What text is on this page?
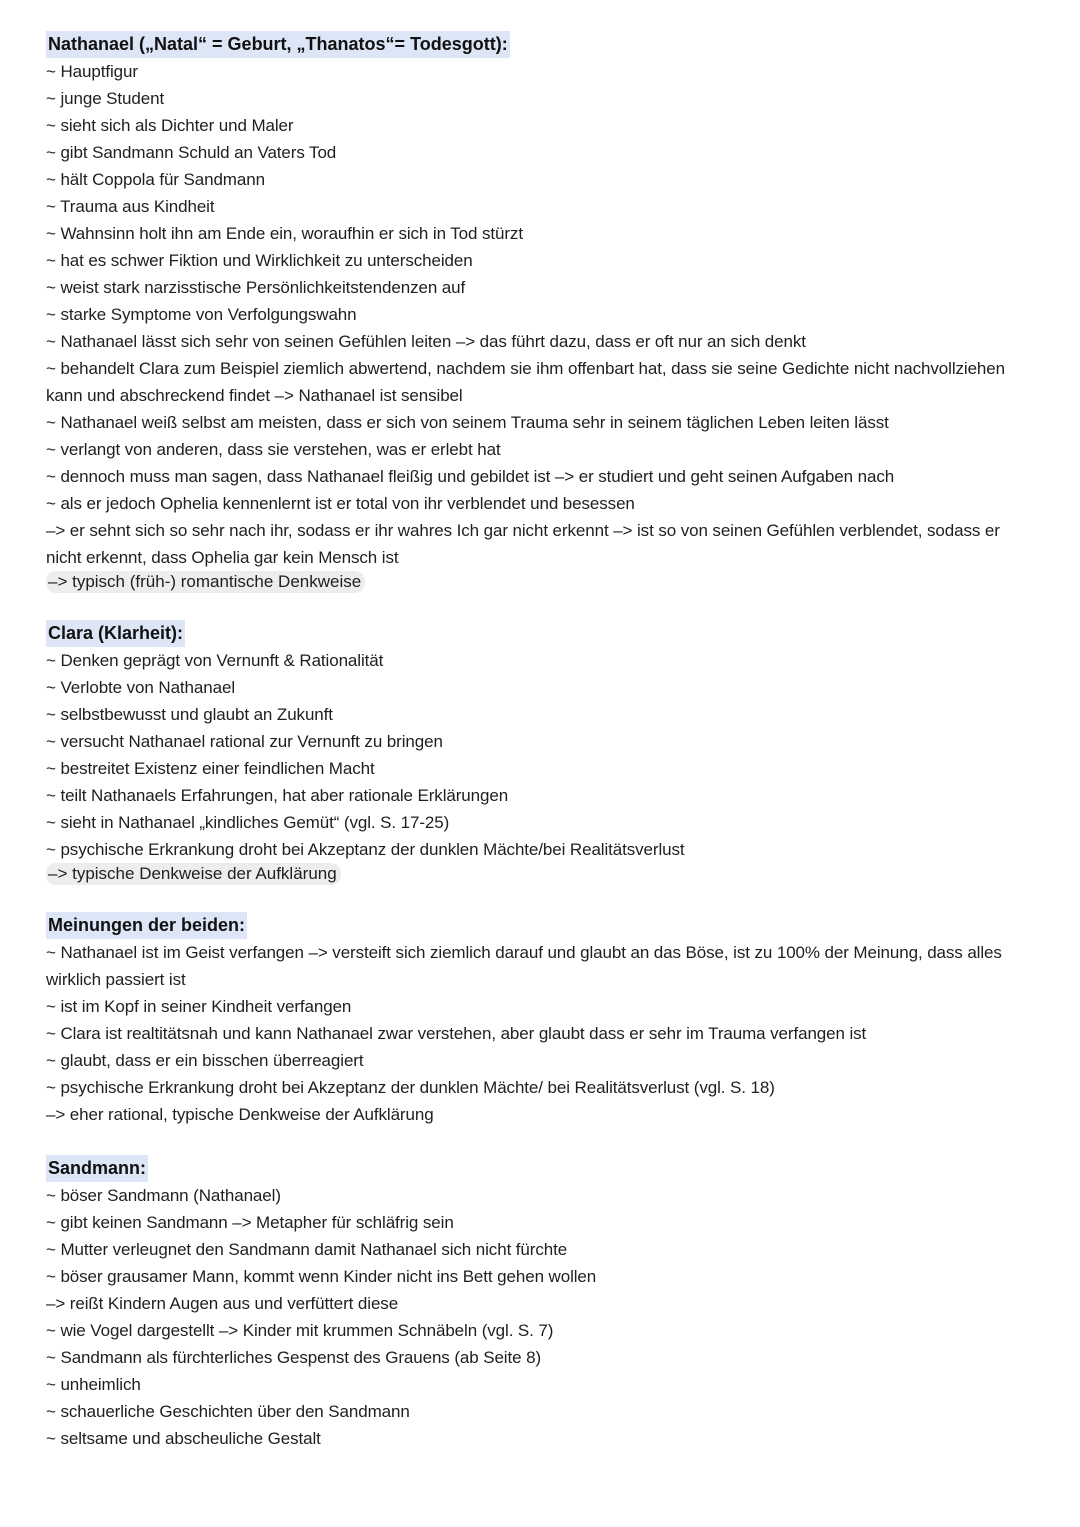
Nathanael („Natal“ = Geburt, „Thanatos“= Todesgott):

~ Hauptfigur

~ junge Student

~ sieht sich als Dichter und Maler

~ gibt Sandmann Schuld an Vaters Tod

~ hält Coppola für Sandmann

~ Trauma aus Kindheit

~ Wahnsinn holt ihn am Ende ein, woraufhin er sich in Tod stürzt

~ hat es schwer Fiktion und Wirklichkeit zu unterscheiden

~ weist stark narzisstische Persönlichkeitstendenzen auf

~ starke Symptome von Verfolgungswahn

~ Nathanael lässt sich sehr von seinen Gefühlen leiten –> das führt dazu, dass er oft nur an sich denkt

~ behandelt Clara zum Beispiel ziemlich abwertend, nachdem sie ihm offenbart hat, dass sie seine Gedichte nicht nachvollziehen kann und abschreckend findet –> Nathanael ist sensibel

~ Nathanael weiß selbst am meisten, dass er sich von seinem Trauma sehr in seinem täglichen Leben leiten lässt

~ verlangt von anderen, dass sie verstehen, was er erlebt hat

~ dennoch muss man sagen, dass Nathanael fleißig und gebildet ist –> er studiert und geht seinen Aufgaben nach

~ als er jedoch Ophelia kennenlernt ist er total von ihr verblendet und besessen

–> er sehnt sich so sehr nach ihr, sodass er ihr wahres Ich gar nicht erkennt –> ist so von seinen Gefühlen verblendet, sodass er nicht erkennt, dass Ophelia gar kein Mensch ist

–> typisch (früh-) romantische Denkweise
Clara (Klarheit):

~ Denken geprägt von Vernunft & Rationalität

~ Verlobte von Nathanael

~ selbstbewusst und glaubt an Zukunft

~ versucht Nathanael rational zur Vernunft zu bringen

~ bestreitet Existenz einer feindlichen Macht

~ teilt Nathanaels Erfahrungen, hat aber rationale Erklärungen

~ sieht in Nathanael „kindliches Gemüt“ (vgl. S. 17-25)

~ psychische Erkrankung droht bei Akzeptanz der dunklen Mächte/bei Realitätsverlust

–> typische Denkweise der Aufklärung
Meinungen der beiden:

~ Nathanael ist im Geist verfangen –> versteift sich ziemlich darauf und glaubt an das Böse, ist zu 100% der Meinung, dass alles wirklich passiert ist

~ ist im Kopf in seiner Kindheit verfangen

~ Clara ist realtitätsnah und kann Nathanael zwar verstehen, aber glaubt dass er sehr im Trauma verfangen ist

~ glaubt, dass er ein bisschen überreagiert

~ psychische Erkrankung droht bei Akzeptanz der dunklen Mächte/ bei Realitätsverlust (vgl. S. 18)

–> eher rational, typische Denkweise der Aufklärung

Sandmann:

~ böser Sandmann (Nathanael)

~ gibt keinen Sandmann –> Metapher für schläfrig sein

~ Mutter verleugnet den Sandmann damit Nathanael sich nicht fürchte

~ böser grausamer Mann, kommt wenn Kinder nicht ins Bett gehen wollen

–> reißt Kindern Augen aus und verfüttert diese

~ wie Vogel dargestellt –> Kinder mit krummen Schnäbeln (vgl. S. 7)

~ Sandmann als fürchterliches Gespenst des Grauens (ab Seite 8)

~ unheimlich

~ schauerliche Geschichten über den Sandmann

~ seltsame und abscheuliche Gestalt
